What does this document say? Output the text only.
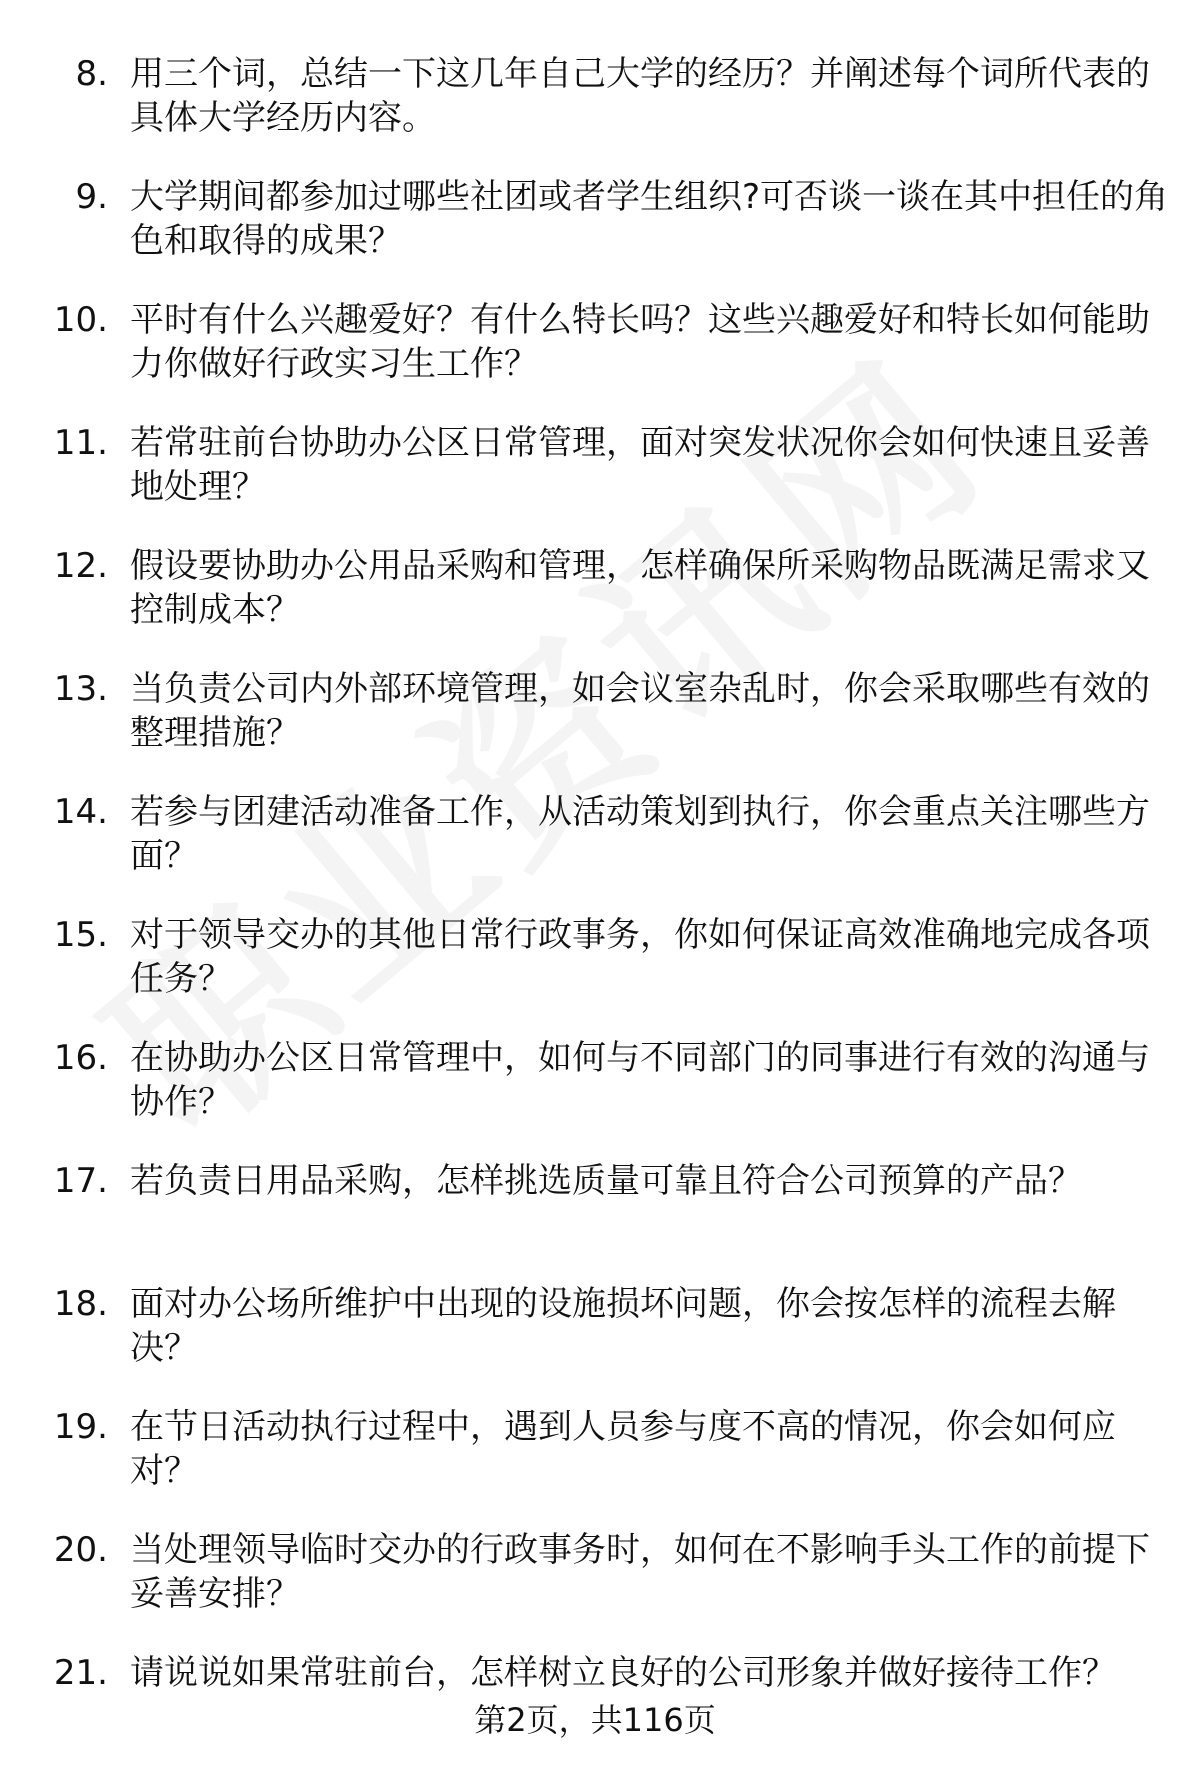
8. 用三个词，总结一下这几年自己大学的经历？并阐述每个词所代表的具体大学经历内容。
9. 大学期间都参加过哪些社团或者学生组织?可否谈一谈在其中担任的角色和取得的成果？
10. 平时有什么兴趣爱好？有什么特长吗？这些兴趣爱好和特长如何能助力你做好行政实习生工作？
11. 若常驻前台协助办公区日常管理，面对突发状况你会如何快速且妥善地处理？
12. 假设要协助办公用品采购和管理，怎样确保所采购物品既满足需求又控制成本？
13. 当负责公司内外部环境管理，如会议室杂乱时，你会采取哪些有效的整理措施？
14. 若参与团建活动准备工作，从活动策划到执行，你会重点关注哪些方面？
15. 对于领导交办的其他日常行政事务，你如何保证高效准确地完成各项任务？
16. 在协助办公区日常管理中，如何与不同部门的同事进行有效的沟通与协作？
17. 若负责日用品采购，怎样挑选质量可靠且符合公司预算的产品？
18. 面对办公场所维护中出现的设施损坏问题，你会按怎样的流程去解决？
19. 在节日活动执行过程中，遇到人员参与度不高的情况，你会如何应对？
20. 当处理领导临时交办的行政事务时，如何在不影响手头工作的前提下妥善安排？
21. 请说说如果常驻前台，怎样树立良好的公司形象并做好接待工作？
第2页，共116页
